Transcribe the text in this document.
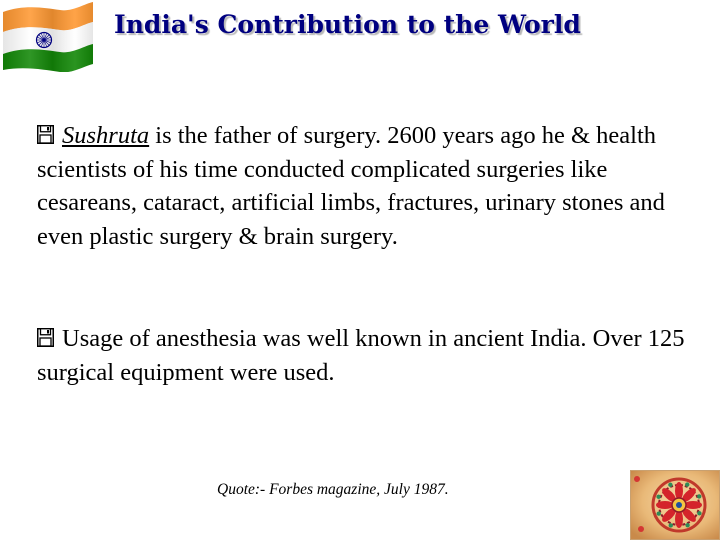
India's Contribution to the World
Sushruta is the father of surgery. 2600 years ago he & health scientists of his time conducted complicated surgeries like cesareans, cataract, artificial limbs, fractures, urinary stones and even plastic surgery & brain surgery.
Usage of anesthesia was well known in ancient India. Over 125 surgical equipment were used.
Quote:- Forbes magazine, July 1987.
